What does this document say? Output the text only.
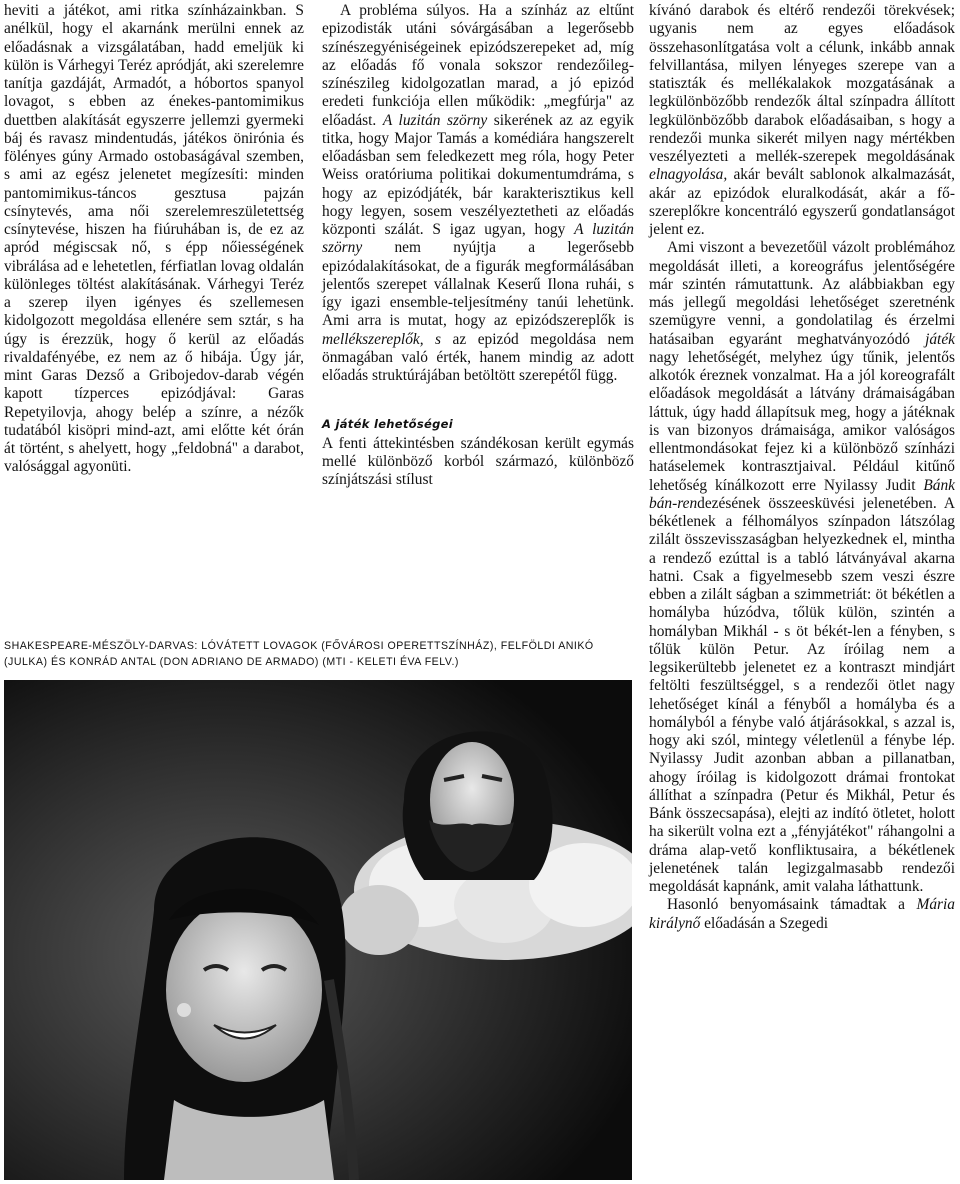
heviti a játékot, ami ritka színházainkban. S anélkül, hogy el akarnánk merülni ennek az előadásnak a vizsgálatában, hadd emeljük ki külön is Várhegyi Teréz apródját, aki szerelemre tanítja gazdáját, Armadót, a hóbortos spanyol lovagot, s ebben az énekes-pantomimikus duettben alakítását egyszerre jellemzi gyermeki báj és ravasz mindentudás, játékos önirónia és fölényes gúny Armado ostobaságával szemben, s ami az egész jelenetet megízesíti: minden pantomimikus-táncos gesztusa pajzán csínytevés, ama női szerelemreszületettség csínytevése, hiszen ha fiúruhában is, de ez az apród mégiscsak nő, s épp nőiességének vibrálása ad e lehetetlen, férfiatlan lovag oldalán különleges töltést alakításának. Várhegyi Teréz a szerep ilyen igényes és szellemesen kidolgozott megoldása ellenére sem sztár, s ha úgy is érezzük, hogy ő kerül az előadás rivaldafényébe, ez nem az ő hibája. Úgy jár, mint Garas Dezső a Gribojedov-darab végén kapott tízperces epizódjával: Garas Repetyilovja, ahogy belép a színre, a nézők tudatából kisöpri mind-azt, ami előtte két órán át történt, s ahelyett, hogy „feldobná" a darabot, valósággal agyonüti.

A probléma súlyos. Ha a színház az eltűnt epizodisták utáni sóvárgásában a legerősebb színészegyéniségeinek epizódszerepeket ad, míg az előadás fő vonala sokszor rendezőileg-színészileg kidolgozatlan marad, a jó epizód eredeti funkciója ellen működik: „megfúrja" az előadást. A luzitán szörny sikerének az az egyik titka, hogy Major Tamás a komédiára hangszerelt előadásban sem feledkezett meg róla, hogy Peter Weiss oratóriuma politikai dokumentumdráma, s hogy az epizódjáték, bár karakterisztikus kell hogy legyen, sosem veszélyeztetheti az előadás központi szálát. S igaz ugyan, hogy A luzitán szörny nem nyújtja a legerősebb epizódalakításokat, de a figurák megformálásában jelentős szerepet vállalnak Keserű Ilona ruhái, s így igazi ensemble-teljesítmény tanúi lehetünk. Ami arra is mutat, hogy az epizódszereplők is mellékszereplők, s az epizód megoldása nem önmagában való érték, hanem mindig az adott előadás struktúrájában betöltött szerepétől függ.

A játék lehetőségei

A fenti áttekintésben szándékosan került egymás mellé különböző korból származó, különböző színjátszási stílust

kívánó darabok és eltérő rendezői törekvések; ugyanis nem az egyes előadások összehasonlítgatása volt a célunk, inkább annak felvillantása, milyen lényeges szerepe van a statiszták és mellékalakok mozgatásának a legkülönbözőbb rendezők által színpadra állított legkülönbözőbb darabok előadásaiban, s hogy a rendezői munka sikerét milyen nagy mértékben veszélyezteti a mellék-szerepek megoldásának elnagyolása, akár bevált sablonok alkalmazását, akár az epizódok eluralkodását, akár a fő-szereplőkre koncentráló egyszerű gondatlanságot jelent ez.

Ami viszont a bevezetőül vázolt problémához megoldását illeti, a koreográfus jelentőségére már szintén rámutattunk. Az alábbiakban egy más jellegű megoldási lehetőséget szeretnénk szemügyre venni, a gondolatilag és érzelmi hatásaiban egyaránt meghatványozódó játék nagy lehetőségét, melyhez úgy tűnik, jelentős alkotók éreznek vonzalmat. Ha a jól koreografált előadások megoldását a látvány drámaiságában láttuk, úgy hadd állapítsuk meg, hogy a játéknak is van bizonyos drámaisága, amikor valóságos ellentmondásokat fejez ki a különböző színházi hatáselemek kontrasztjaival. Például kitűnő lehetőség kínálkozott erre Nyilassy Judit Bánk bán-rendezésének összeesküvési jelenetében. A békétlenek a félhomályos színpadon látszólag zilált összevisszaságban helyezkednek el, mintha a rendező ezúttal is a tabló látványával akarna hatni. Csak a figyelmesebb szem veszi észre ebben a zilált ságban a szimmetriát: öt békétlen a homályba húzódva, tőlük külön, szintén a homályban Mikhál - s öt békét-len a fényben, s tőlük külön Petur. Az íróilag nem a legsikerültebb jelenetet ez a kontraszt mindjárt feltölti feszültséggel, s a rendezői ötlet nagy lehetőséget kínál a fényből a homályba és a homályból a fénybe való átjárásokkal, s azzal is, hogy aki szól, mintegy véletlenül a fénybe lép. Nyilassy Judit azonban abban a pillanatban, ahogy íróilag is kidolgozott drámai frontokat állíthat a színpadra (Petur és Mikhál, Petur és Bánk összecsapása), elejti az indító ötletet, holott ha sikerült volna ezt a „fényjátékot" ráhangolni a dráma alap-vető konfliktusaira, a békétlenek jelenetének talán legizgalmasabb rendezői megoldását kapnánk, amit valaha láthattunk.

Hasonló benyomásaink támadtak a Mária királynő előadásán a Szegedi

SHAKESPEARE-MÉSZÖLY-DARVAS: LÓVÁTETT LOVAGOK (FŐVÁROSI OPERETTSZÍNHÁZ), FELFÖLDI ANIKÓ (JULKA) ÉS KONRÁD ANTAL (DON ADRIANO DE ARMADO) (MTI - KELETI ÉVA FELV.)
